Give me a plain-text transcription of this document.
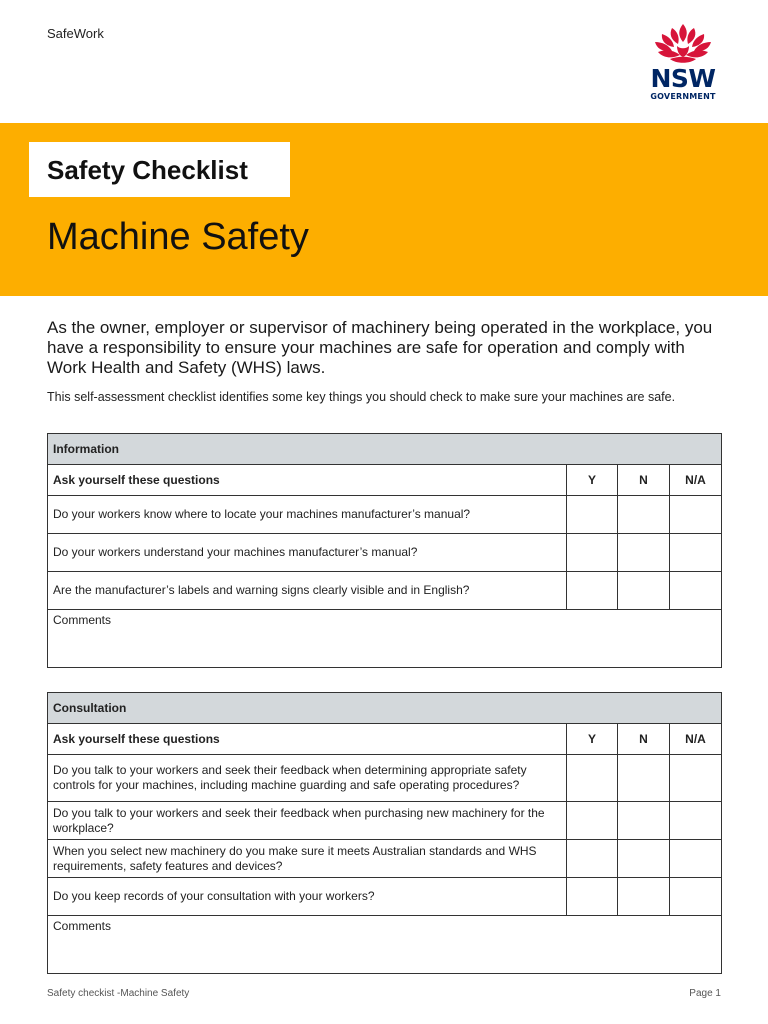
SafeWork
NSW
GOVERNMENT
Safety Checklist
Machine Safety
As the owner, employer or supervisor of machinery being operated in the workplace, you have a responsibility to ensure your machines are safe for operation and comply with Work Health and Safety (WHS) laws.
This self-assessment checklist identifies some key things you should check to make sure your machines are safe.
Information			
Ask yourself these questions	Y	N	N/A
Do your workers know where to locate your machines manufacturer’s manual?			
Do your workers understand your machines manufacturer’s manual?			
Are the manufacturer’s labels and warning signs clearly visible and in English?			
Comments			
Consultation			
Ask yourself these questions	Y	N	N/A
Do you talk to your workers and seek their feedback when determining appropriate safety controls for your machines, including machine guarding and safe operating procedures?			
Do you talk to your workers and seek their feedback when purchasing new machinery for the workplace?			
When you select new machinery do you make sure it meets Australian standards and WHS requirements, safety features and devices?			
Do you keep records of your consultation with your workers?			
Comments			
Safety checkist -Machine Safety	Page 1
